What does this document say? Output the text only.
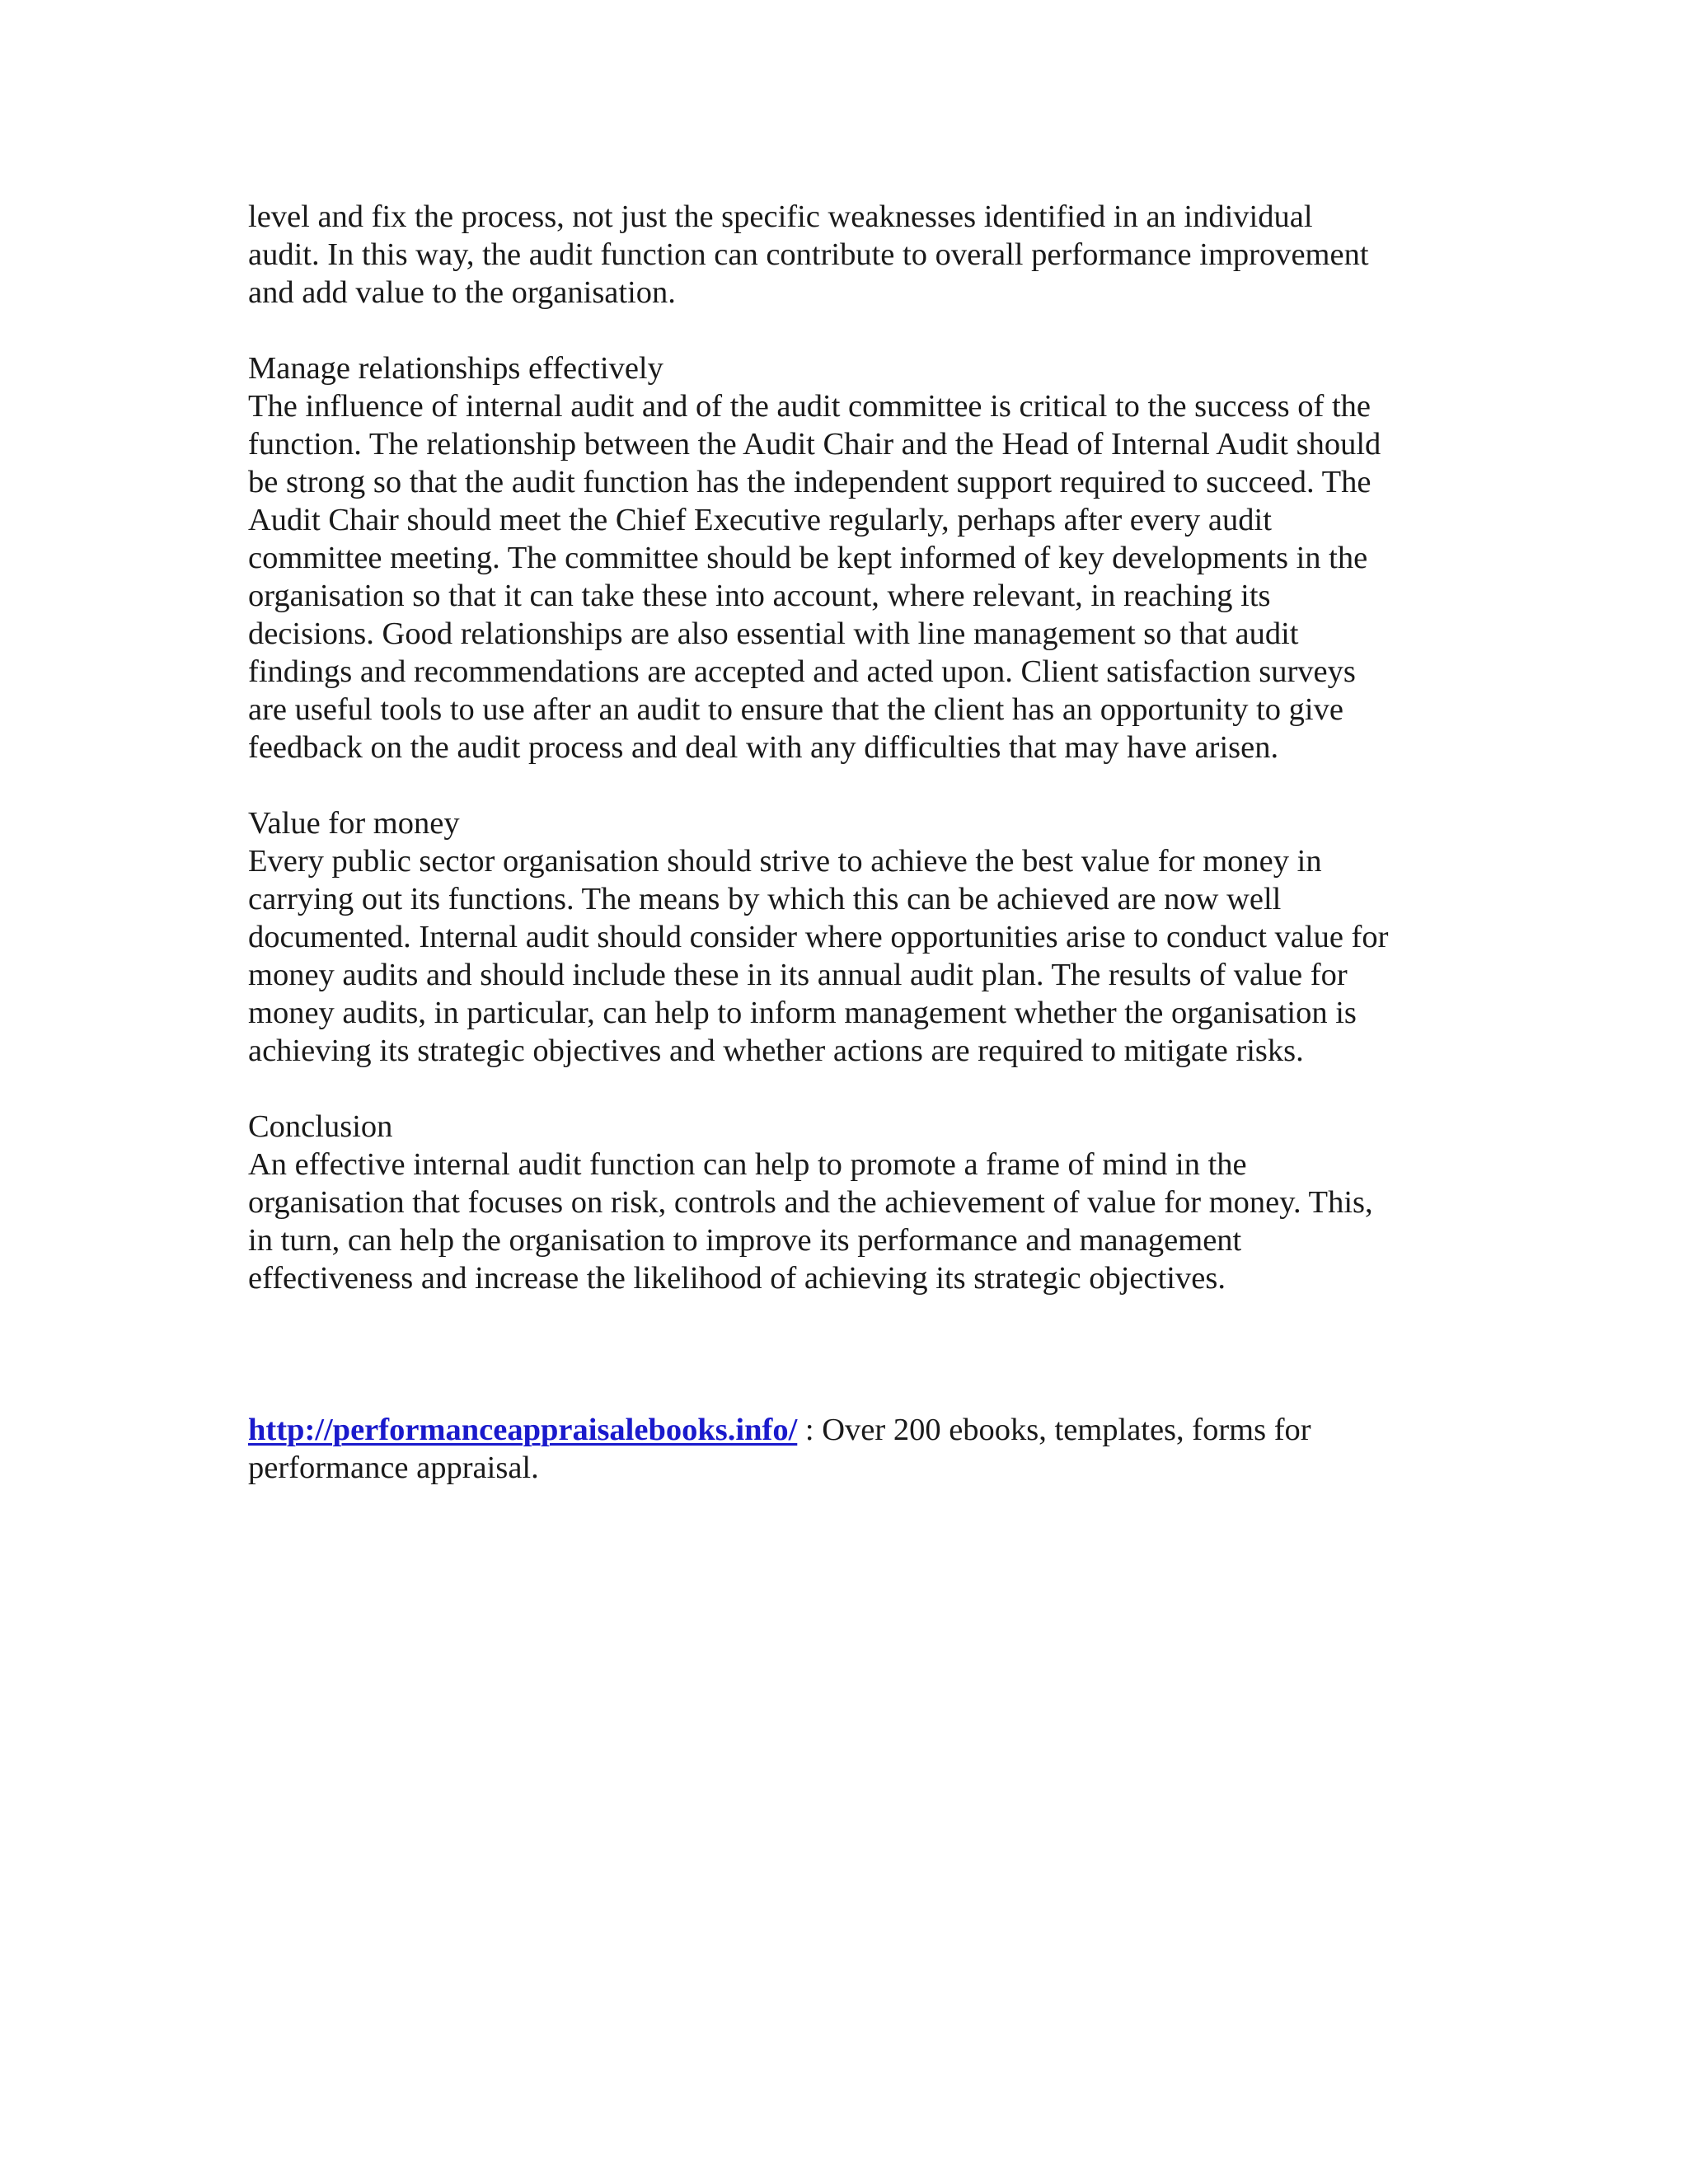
level and fix the process, not just the specific weaknesses identified in an individual
audit. In this way, the audit function can contribute to overall performance improvement
and add value to the organisation.
Manage relationships effectively
The influence of internal audit and of the audit committee is critical to the success of the
function. The relationship between the Audit Chair and the Head of Internal Audit should
be strong so that the audit function has the independent support required to succeed. The
Audit Chair should meet the Chief Executive regularly, perhaps after every audit
committee meeting. The committee should be kept informed of key developments in the
organisation so that it can take these into account, where relevant, in reaching its
decisions. Good relationships are also essential with line management so that audit
findings and recommendations are accepted and acted upon. Client satisfaction surveys
are useful tools to use after an audit to ensure that the client has an opportunity to give
feedback on the audit process and deal with any difficulties that may have arisen.
Value for money
Every public sector organisation should strive to achieve the best value for money in
carrying out its functions. The means by which this can be achieved are now well
documented. Internal audit should consider where opportunities arise to conduct value for
money audits and should include these in its annual audit plan. The results of value for
money audits, in particular, can help to inform management whether the organisation is
achieving its strategic objectives and whether actions are required to mitigate risks.
Conclusion
An effective internal audit function can help to promote a frame of mind in the
organisation that focuses on risk, controls and the achievement of value for money. This,
in turn, can help the organisation to improve its performance and management
effectiveness and increase the likelihood of achieving its strategic objectives.
http://performanceappraisalebooks.info/ : Over 200 ebooks, templates, forms for
performance appraisal.
